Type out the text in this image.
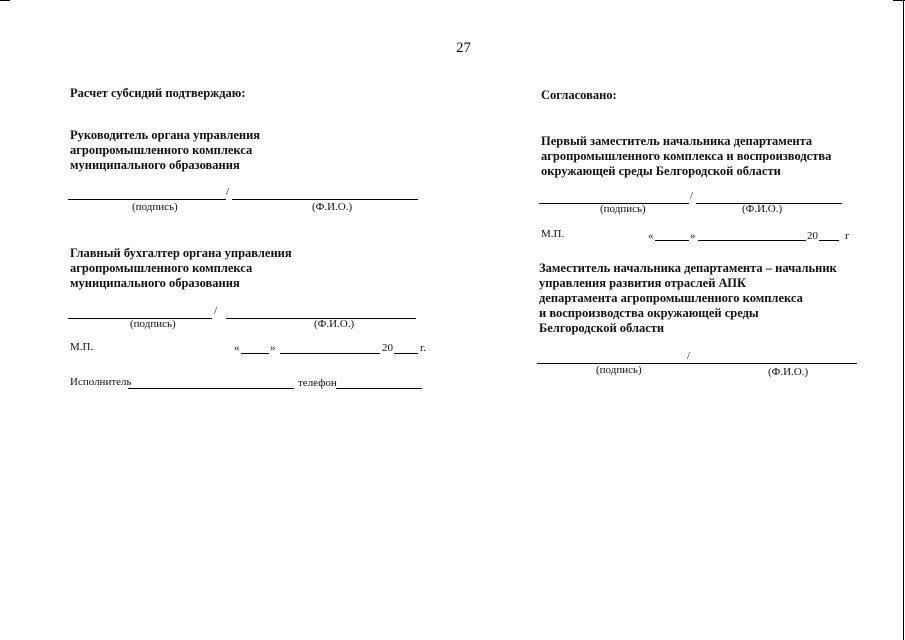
27
Расчет субсидий подтверждаю:
Руководитель органа управления
агропромышленного комплекса
муниципального образования
/
(подпись)	(Ф.И.О.)
Главный бухгалтер органа управления
агропромышленного комплекса
муниципального образования
/
(подпись)	(Ф.И.О.)
М.П.	«	»	20 г.
Исполнитель	телефон
Согласовано:
Первый заместитель начальника департамента
агропромышленного комплекса и воспроизводства
окружающей среды Белгородской области
/
(подпись)	(Ф.И.О.)
М.П.	«	»	20 г
Заместитель начальника департамента – начальник
управления развития отраслей АПК
департамента агропромышленного комплекса
и воспроизводства окружающей среды
Белгородской области
/
(подпись)	(Ф.И.О.)
